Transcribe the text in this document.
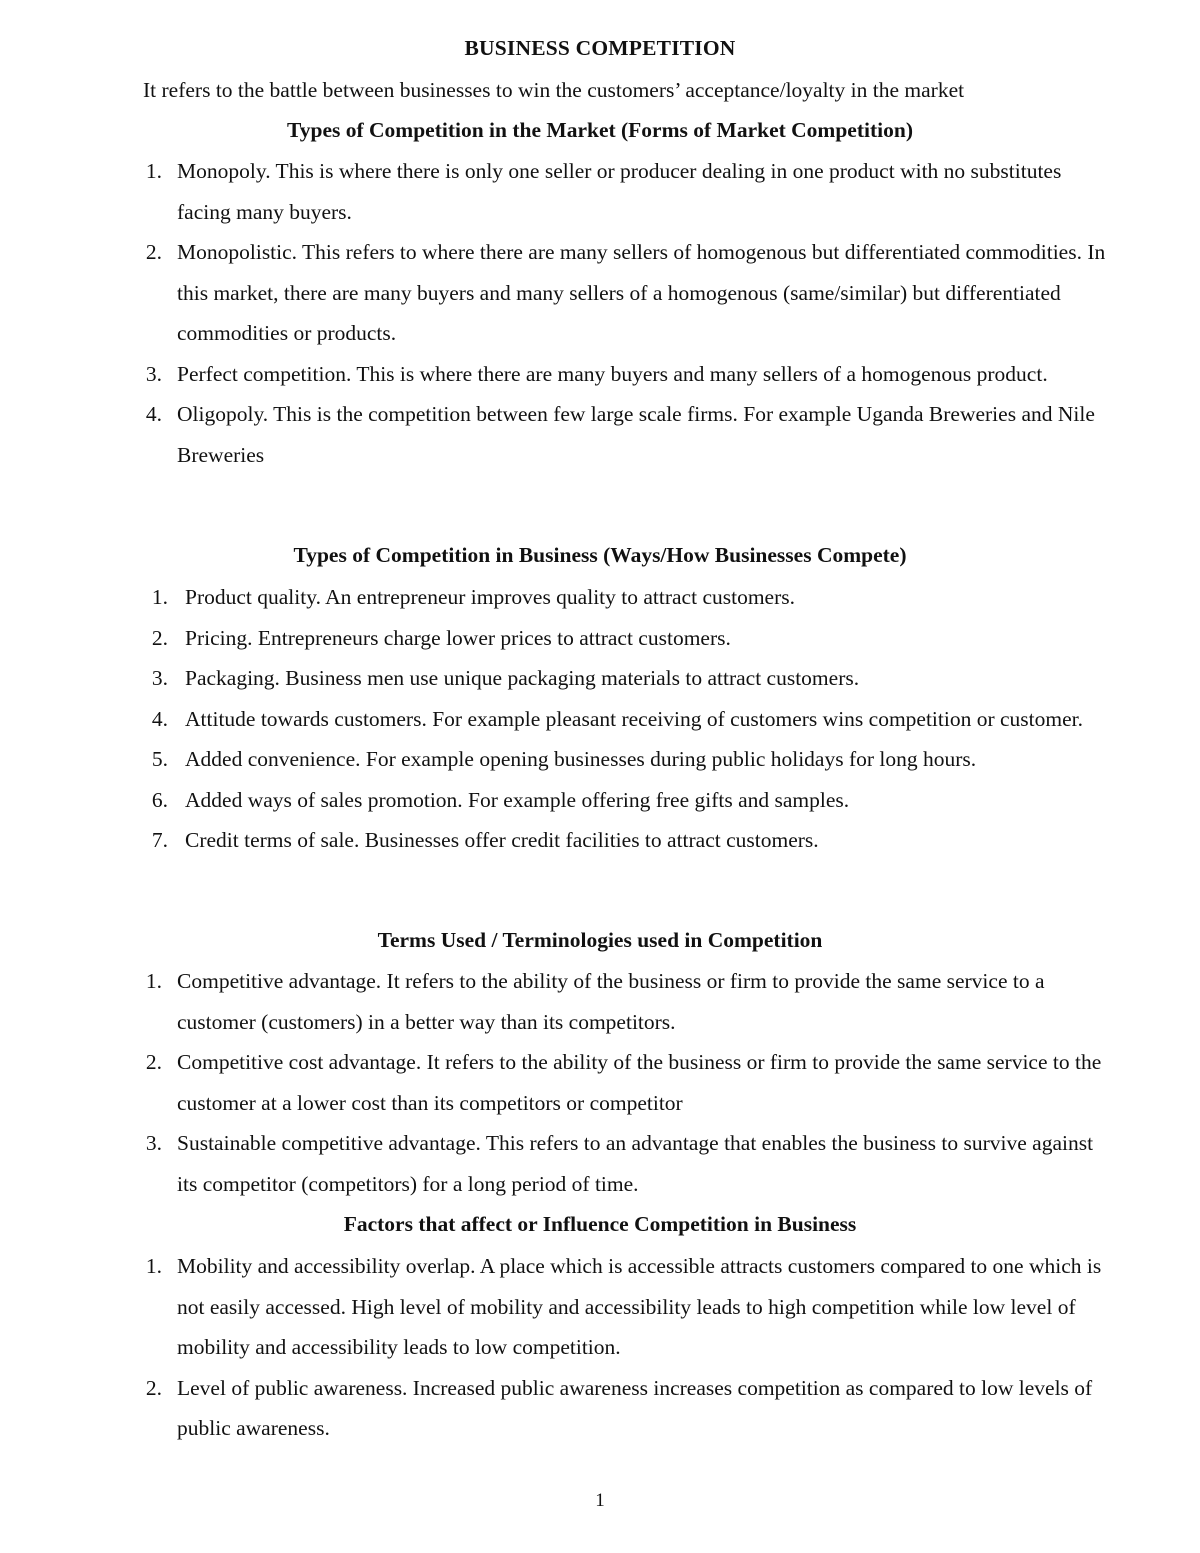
BUSINESS COMPETITION
It refers to the battle between businesses to win the customers’ acceptance/loyalty in the market
Types of Competition in the Market (Forms of Market Competition)
1. Monopoly. This is where there is only one seller or producer dealing in one product with no substitutes facing many buyers.
2. Monopolistic. This refers to where there are many sellers of homogenous but differentiated commodities. In this market, there are many buyers and many sellers of a homogenous (same/similar) but differentiated commodities or products.
3. Perfect competition. This is where there are many buyers and many sellers of a homogenous product.
4. Oligopoly. This is the competition between few large scale firms. For example Uganda Breweries and Nile Breweries
Types of Competition in Business (Ways/How Businesses Compete)
1. Product quality. An entrepreneur improves quality to attract customers.
2. Pricing. Entrepreneurs charge lower prices to attract customers.
3. Packaging. Business men use unique packaging materials to attract customers.
4. Attitude towards customers. For example pleasant receiving of customers wins competition or customer.
5. Added convenience. For example opening businesses during public holidays for long hours.
6. Added ways of sales promotion. For example offering free gifts and samples.
7. Credit terms of sale. Businesses offer credit facilities to attract customers.
Terms Used / Terminologies used in Competition
1. Competitive advantage. It refers to the ability of the business or firm to provide the same service to a customer (customers) in a better way than its competitors.
2. Competitive cost advantage. It refers to the ability of the business or firm to provide the same service to the customer at a lower cost than its competitors or competitor
3. Sustainable competitive advantage. This refers to an advantage that enables the business to survive against its competitor (competitors) for a long period of time.
Factors that affect or Influence Competition in Business
1. Mobility and accessibility overlap. A place which is accessible attracts customers compared to one which is not easily accessed. High level of mobility and accessibility leads to high competition while low level of mobility and accessibility leads to low competition.
2. Level of public awareness. Increased public awareness increases competition as compared to low levels of public awareness.
1
